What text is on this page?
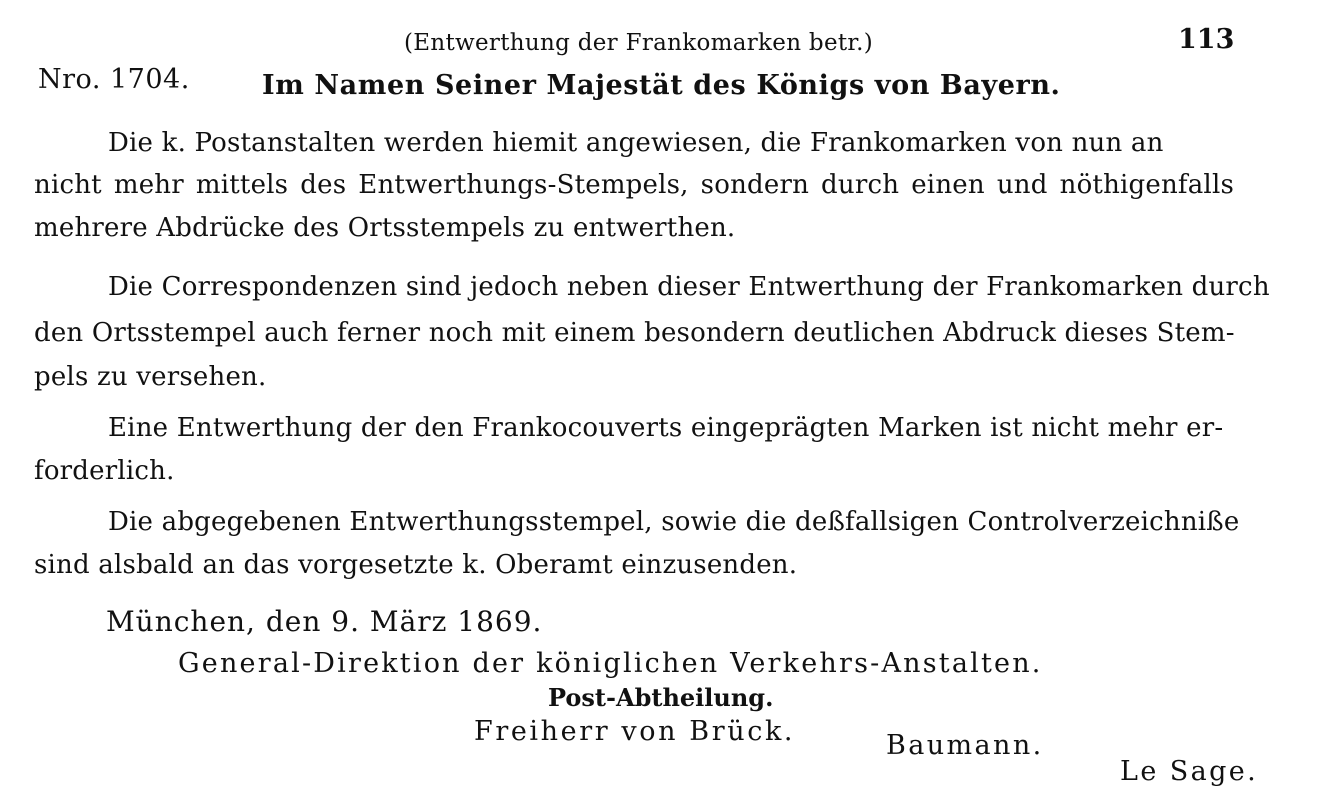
(Entwerthung der Frankomarken betr.)	113
Nro. 1704.	Im Namen Seiner Majestät des Königs von Bayern.
Die k. Postanstalten werden hiemit angewiesen, die Frankomarken von nun an
nicht mehr mittels des Entwerthungs-Stempels, sondern durch einen und nöthigenfalls
mehrere Abdrücke des Ortsstempels zu entwerthen.
Die Correspondenzen sind jedoch neben dieser Entwerthung der Frankomarken durch
den Ortsstempel auch ferner noch mit einem besondern deutlichen Abdruck dieses Stem-
pels zu versehen.
Eine Entwerthung der den Frankocouverts eingeprägten Marken ist nicht mehr er-
forderlich.
Die abgegebenen Entwerthungsstempel, sowie die deßfallsigen Controlverzeichniße
sind alsbald an das vorgesetzte k. Oberamt einzusenden.
München, den 9. März 1869.
General-Direktion der königlichen Verkehrs-Anstalten.
Post-Abtheilung.
Freiherr von Brück.	Baumann.
Le Sage.
